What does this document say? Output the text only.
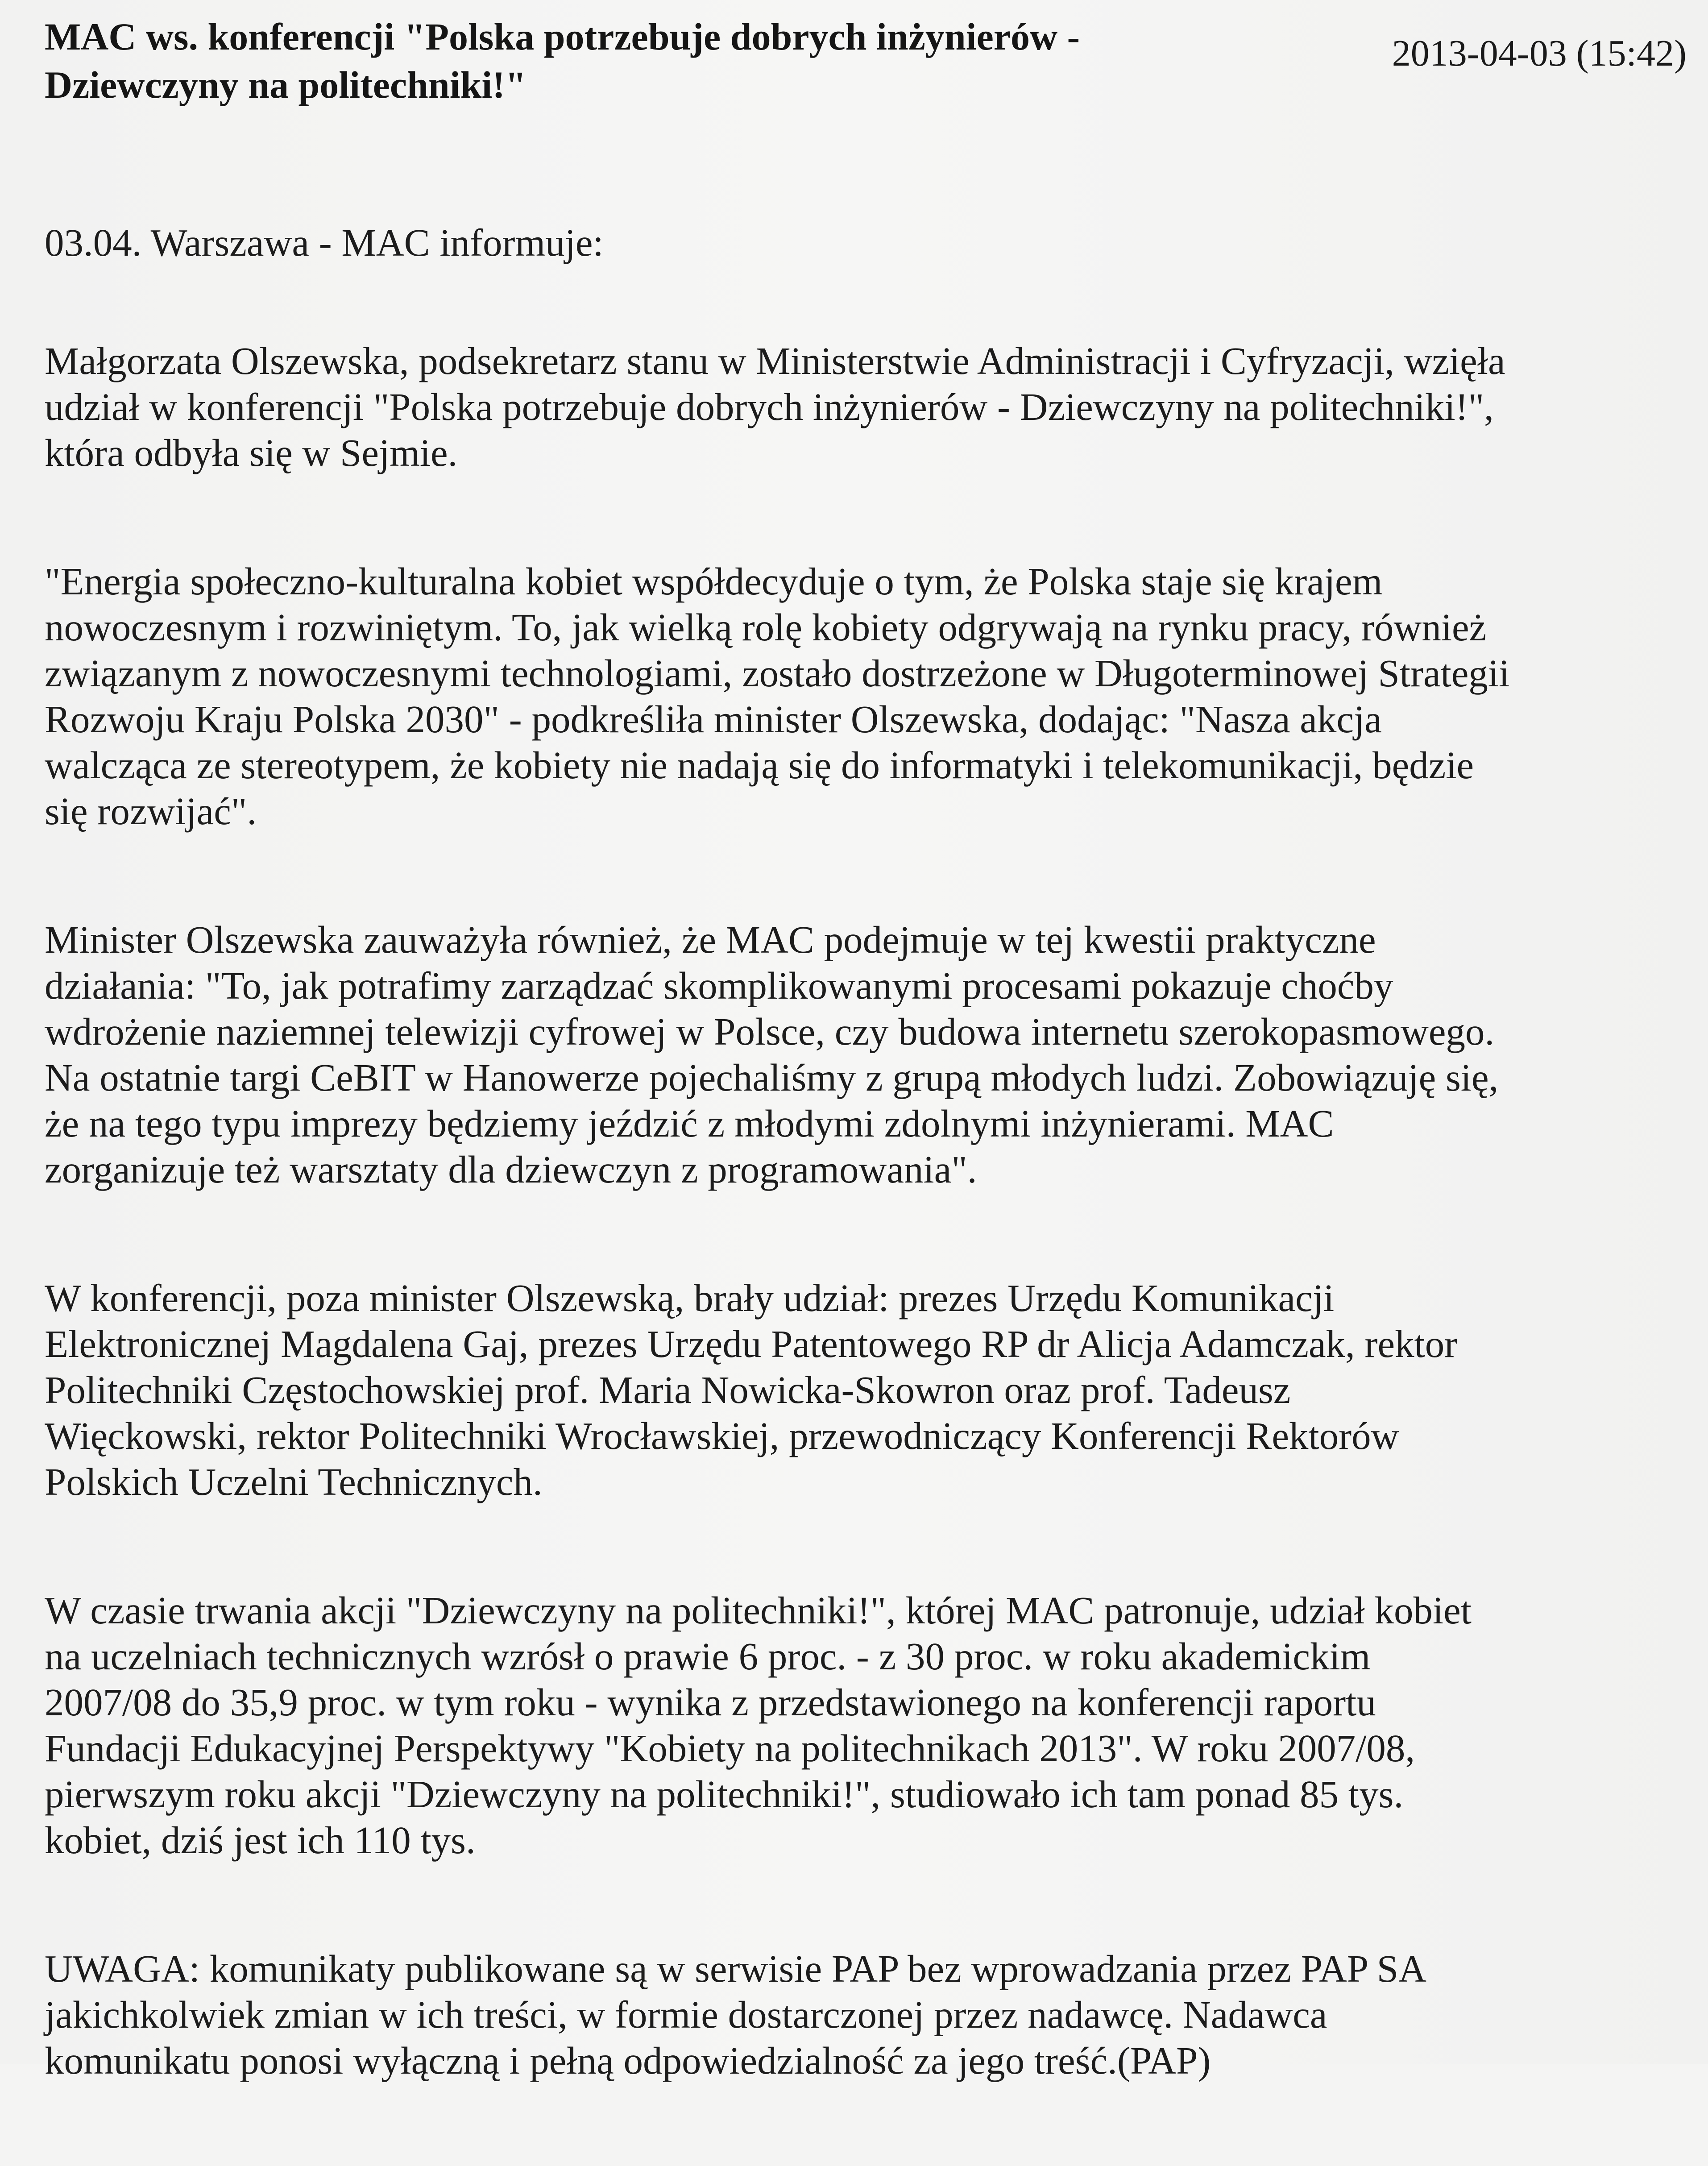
MAC ws. konferencji "Polska potrzebuje dobrych inżynierów -
Dziewczyny na politechniki!"
2013-04-03 (15:42)

03.04. Warszawa - MAC informuje:

Małgorzata Olszewska, podsekretarz stanu w Ministerstwie Administracji i Cyfryzacji, wzięła
udział w konferencji "Polska potrzebuje dobrych inżynierów - Dziewczyny na politechniki!",
która odbyła się w Sejmie.

"Energia społeczno-kulturalna kobiet współdecyduje o tym, że Polska staje się krajem
nowoczesnym i rozwiniętym. To, jak wielką rolę kobiety odgrywają na rynku pracy, również
związanym z nowoczesnymi technologiami, zostało dostrzeżone w Długoterminowej Strategii
Rozwoju Kraju Polska 2030" - podkreśliła minister Olszewska, dodając: "Nasza akcja
walcząca ze stereotypem, że kobiety nie nadają się do informatyki i telekomunikacji, będzie
się rozwijać".

Minister Olszewska zauważyła również, że MAC podejmuje w tej kwestii praktyczne
działania: "To, jak potrafimy zarządzać skomplikowanymi procesami pokazuje choćby
wdrożenie naziemnej telewizji cyfrowej w Polsce, czy budowa internetu szerokopasmowego.
Na ostatnie targi CeBIT w Hanowerze pojechaliśmy z grupą młodych ludzi. Zobowiązuję się,
że na tego typu imprezy będziemy jeździć z młodymi zdolnymi inżynierami. MAC
zorganizuje też warsztaty dla dziewczyn z programowania".

W konferencji, poza minister Olszewską, brały udział: prezes Urzędu Komunikacji
Elektronicznej Magdalena Gaj, prezes Urzędu Patentowego RP dr Alicja Adamczak, rektor
Politechniki Częstochowskiej prof. Maria Nowicka-Skowron oraz prof. Tadeusz
Więckowski, rektor Politechniki Wrocławskiej, przewodniczący Konferencji Rektorów
Polskich Uczelni Technicznych.

W czasie trwania akcji "Dziewczyny na politechniki!", której MAC patronuje, udział kobiet
na uczelniach technicznych wzrósł o prawie 6 proc. - z 30 proc. w roku akademickim
2007/08 do 35,9 proc. w tym roku - wynika z przedstawionego na konferencji raportu
Fundacji Edukacyjnej Perspektywy "Kobiety na politechnikach 2013". W roku 2007/08,
pierwszym roku akcji "Dziewczyny na politechniki!", studiowało ich tam ponad 85 tys.
kobiet, dziś jest ich 110 tys.

UWAGA: komunikaty publikowane są w serwisie PAP bez wprowadzania przez PAP SA
jakichkolwiek zmian w ich treści, w formie dostarczonej przez nadawcę. Nadawca
komunikatu ponosi wyłączną i pełną odpowiedzialność za jego treść.(PAP)
